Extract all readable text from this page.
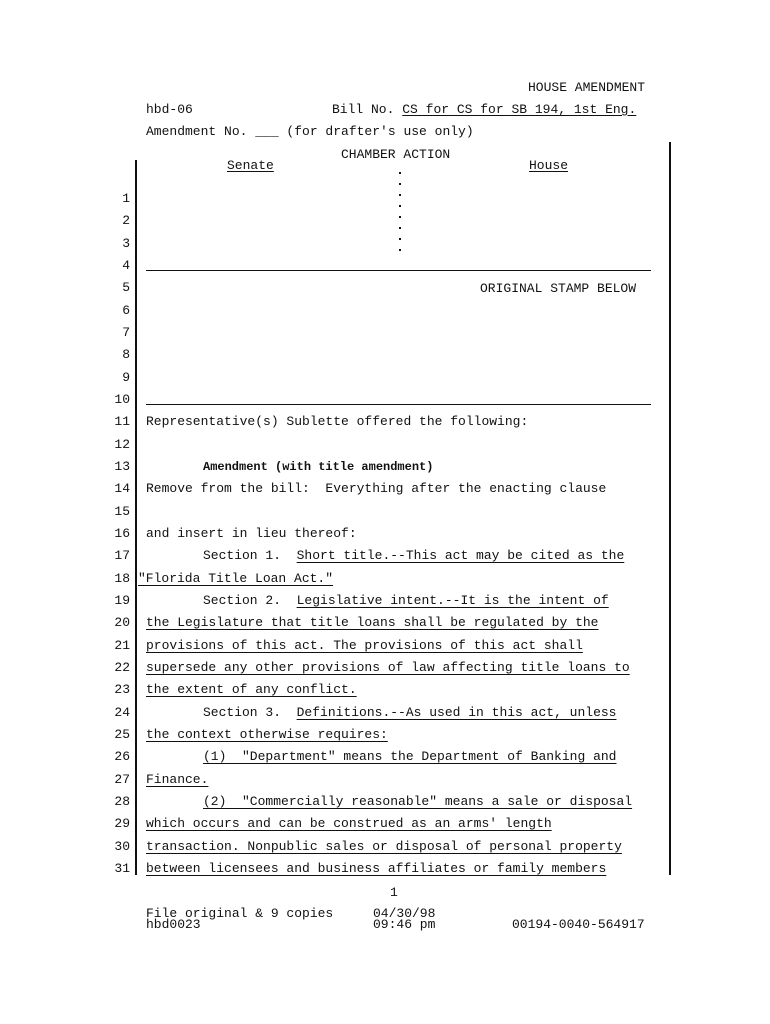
HOUSE AMENDMENT
hbd-06	Bill No. CS for CS for SB 194, 1st Eng.
Amendment No. ___ (for drafter's use only)
CHAMBER ACTION
Senate	House
ORIGINAL STAMP BELOW
1
2
3
4
5
6
7
8
9
10
11 Representative(s) Sublette offered the following:
12
13	Amendment (with title amendment)
14 Remove from the bill:  Everything after the enacting clause
15
16 and insert in lieu thereof:
17	Section 1.  Short title.--This act may be cited as the
18 "Florida Title Loan Act."
19	Section 2.  Legislative intent.--It is the intent of
20 the Legislature that title loans shall be regulated by the
21 provisions of this act. The provisions of this act shall
22 supersede any other provisions of law affecting title loans to
23 the extent of any conflict.
24	Section 3.  Definitions.--As used in this act, unless
25 the context otherwise requires:
26	(1)  "Department" means the Department of Banking and
27 Finance.
28	(2)  "Commercially reasonable" means a sale or disposal
29 which occurs and can be construed as an arms' length
30 transaction. Nonpublic sales or disposal of personal property
31 between licensees and business affiliates or family members
1
File original & 9 copies
hbd0023
04/30/98
09:46 pm	00194-0040-564917
